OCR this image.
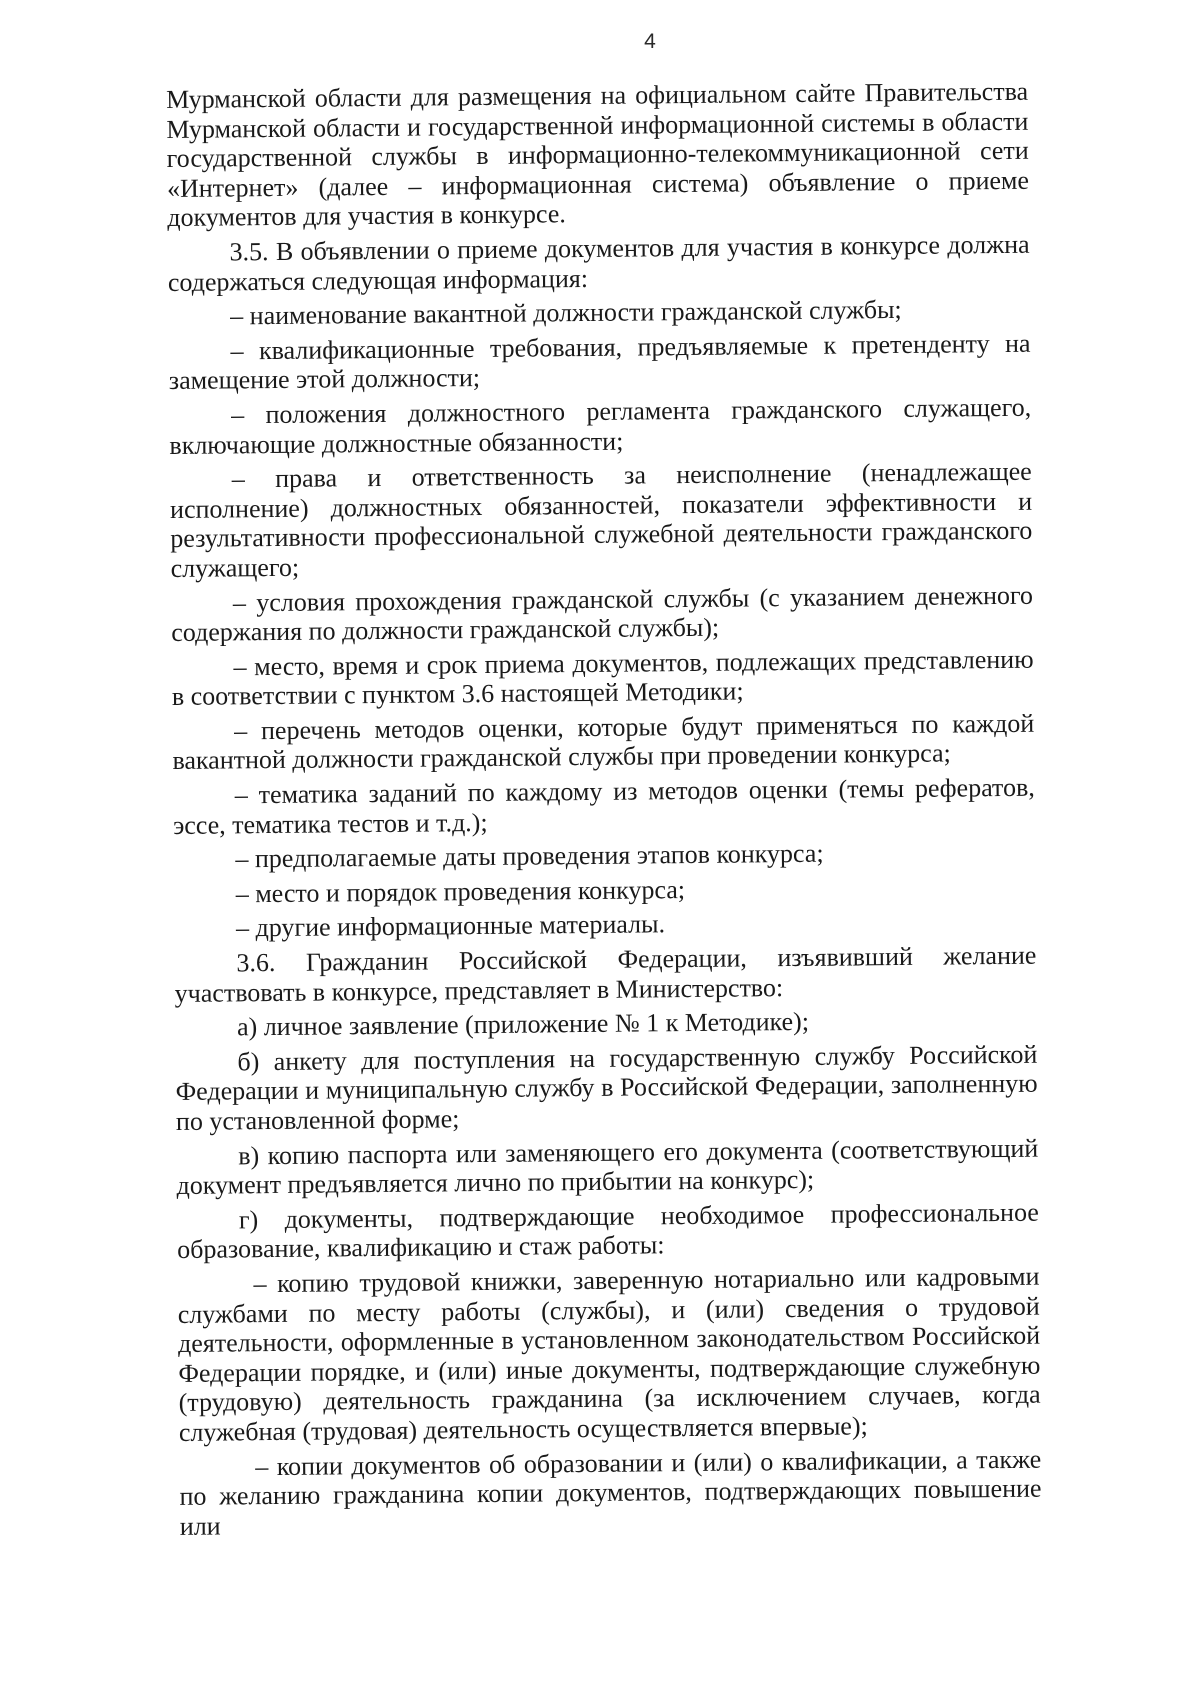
4

Мурманской области для размещения на официальном сайте Правительства Мурманской области и государственной информационной системы в области государственной службы в информационно-телекоммуникационной сети «Интернет» (далее – информационная система) объявление о приеме документов для участия в конкурсе.

3.5. В объявлении о приеме документов для участия в конкурсе должна содержаться следующая информация:

– наименование вакантной должности гражданской службы;

– квалификационные требования, предъявляемые к претенденту на замещение этой должности;

– положения должностного регламента гражданского служащего, включающие должностные обязанности;

– права и ответственность за неисполнение (ненадлежащее исполнение) должностных обязанностей, показатели эффективности и результативности профессиональной служебной деятельности гражданского служащего;

– условия прохождения гражданской службы (с указанием денежного содержания по должности гражданской службы);

– место, время и срок приема документов, подлежащих представлению в соответствии с пунктом 3.6 настоящей Методики;

– перечень методов оценки, которые будут применяться по каждой вакантной должности гражданской службы при проведении конкурса;

– тематика заданий по каждому из методов оценки (темы рефератов, эссе, тематика тестов и т.д.);

– предполагаемые даты проведения этапов конкурса;

– место и порядок проведения конкурса;

– другие информационные материалы.

3.6. Гражданин Российской Федерации, изъявивший желание участвовать в конкурсе, представляет в Министерство:

а) личное заявление (приложение № 1 к Методике);

б) анкету для поступления на государственную службу Российской Федерации и муниципальную службу в Российской Федерации, заполненную по установленной форме;

в) копию паспорта или заменяющего его документа (соответствующий документ предъявляется лично по прибытии на конкурс);

г) документы, подтверждающие необходимое профессиональное образование, квалификацию и стаж работы:

– копию трудовой книжки, заверенную нотариально или кадровыми службами по месту работы (службы), и (или) сведения о трудовой деятельности, оформленные в установленном законодательством Российской Федерации порядке, и (или) иные документы, подтверждающие служебную (трудовую) деятельность гражданина (за исключением случаев, когда служебная (трудовая) деятельность осуществляется впервые);

– копии документов об образовании и (или) о квалификации, а также по желанию гражданина копии документов, подтверждающих повышение или
